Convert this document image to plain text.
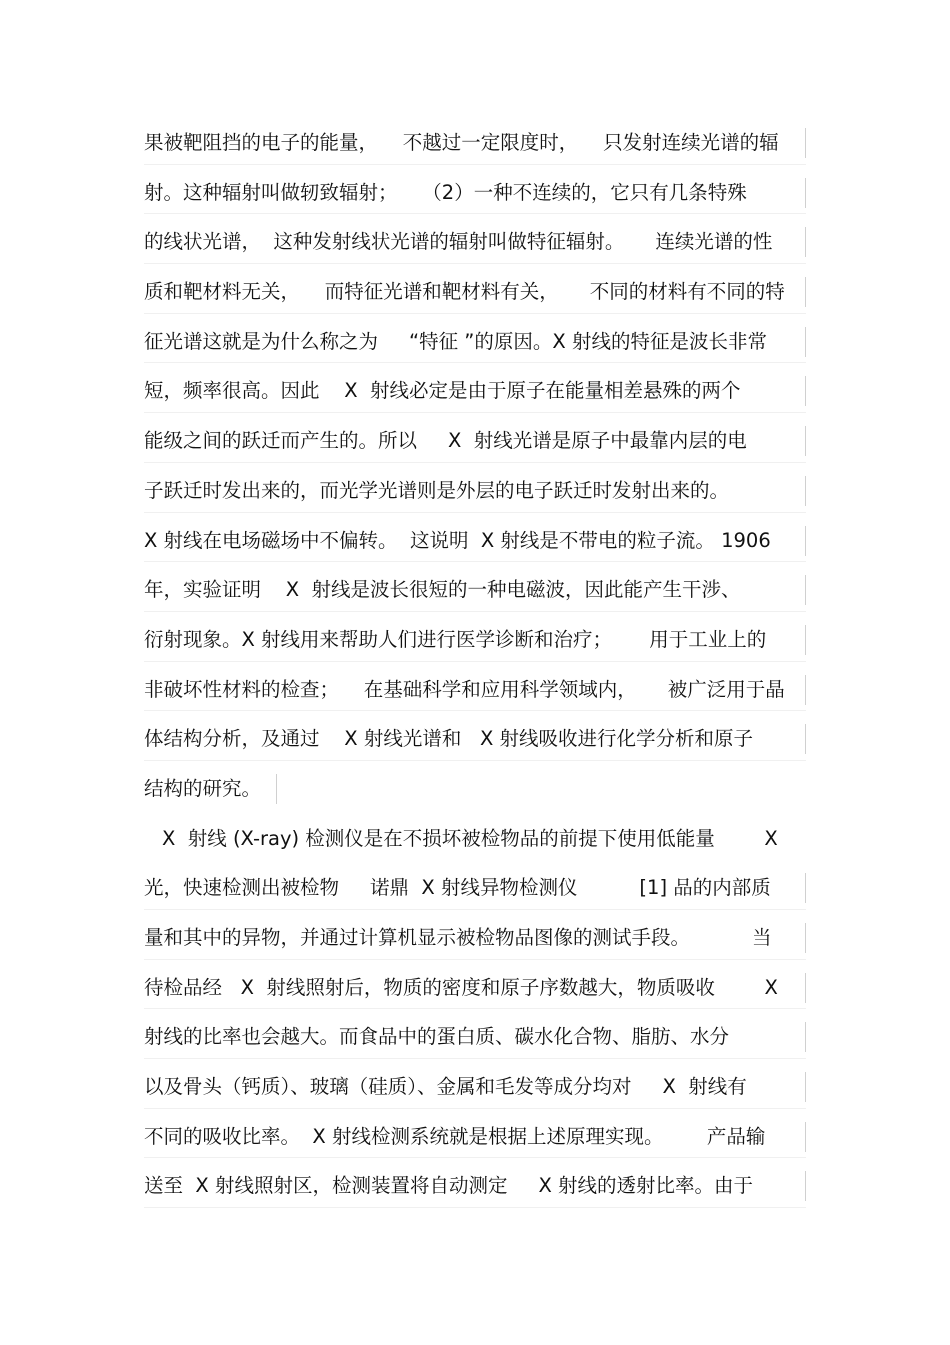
果被靶阻挡的电子的能量，    不越过一定限度时，    只发射连续光谱的辐
射。这种辐射叫做轫致辐射；    （2）一种不连续的，它只有几条特殊
的线状光谱，  这种发射线状光谱的辐射叫做特征辐射。     连续光谱的性
质和靶材料无关，    而特征光谱和靶材料有关，     不同的材料有不同的特
征光谱这就是为什么称之为     “特征 ”的原因。X 射线的特征是波长非常
短，频率很高。因此    X  射线必定是由于原子在能量相差悬殊的两个
能级之间的跃迁而产生的。所以     X  射线光谱是原子中最靠内层的电
子跃迁时发出来的，而光学光谱则是外层的电子跃迁时发射出来的。
X 射线在电场磁场中不偏转。  这说明  X 射线是不带电的粒子流。 1906
年，实验证明    X  射线是波长很短的一种电磁波，因此能产生干涉、
衍射现象。X 射线用来帮助人们进行医学诊断和治疗；      用于工业上的
非破坏性材料的检查；    在基础科学和应用科学领域内，     被广泛用于晶
体结构分析，及通过    X 射线光谱和   X 射线吸收进行化学分析和原子
结构的研究。
X  射线 (X-ray) 检测仪是在不损坏被检物品的前提下使用低能量        X
光，快速检测出被检物     诺鼎  X 射线异物检测仪          [1] 品的内部质
量和其中的异物，并通过计算机显示被检物品图像的测试手段。          当
待检品经   X  射线照射后，物质的密度和原子序数越大，物质吸收        X
射线的比率也会越大。而食品中的蛋白质、碳水化合物、脂肪、水分
以及骨头（钙质）、玻璃（硅质）、金属和毛发等成分均对     X  射线有
不同的吸收比率。  X 射线检测系统就是根据上述原理实现。       产品输
送至  X 射线照射区，检测装置将自动测定     X 射线的透射比率。由于
